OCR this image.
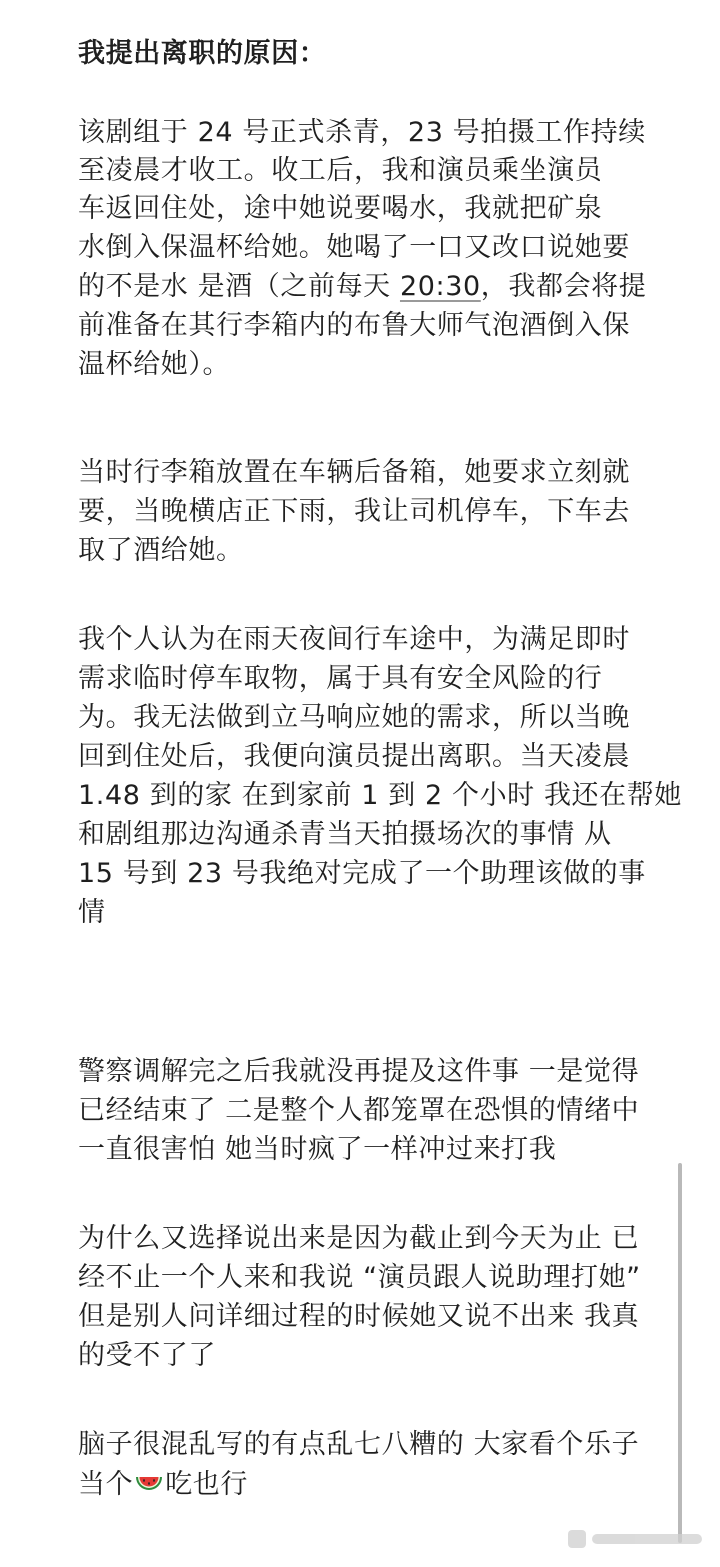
我提出离职的原因：
该剧组于 24 号正式杀青，23 号拍摄工作持续
至凌晨才收工。收工后，我和演员乘坐演员
车返回住处，途中她说要喝水，我就把矿泉
水倒入保温杯给她。她喝了一口又改口说她要
的不是水 是酒（之前每天 20:30，我都会将提
前准备在其行李箱内的布鲁大师气泡酒倒入保
温杯给她）。
当时行李箱放置在车辆后备箱，她要求立刻就
要，当晚横店正下雨，我让司机停车，下车去
取了酒给她。
我个人认为在雨天夜间行车途中，为满足即时
需求临时停车取物，属于具有安全风险的行
为。我无法做到立马响应她的需求，所以当晚
回到住处后，我便向演员提出离职。当天凌晨
1.48 到的家 在到家前 1 到 2 个小时 我还在帮她
和剧组那边沟通杀青当天拍摄场次的事情 从
15 号到 23 号我绝对完成了一个助理该做的事
情
警察调解完之后我就没再提及这件事 一是觉得
已经结束了 二是整个人都笼罩在恐惧的情绪中
一直很害怕 她当时疯了一样冲过来打我
为什么又选择说出来是因为截止到今天为止 已
经不止一个人来和我说 “演员跟人说助理打她”
但是别人问详细过程的时候她又说不出来 我真
的受不了了
脑子很混乱写的有点乱七八糟的 大家看个乐子
当个 吃也行
